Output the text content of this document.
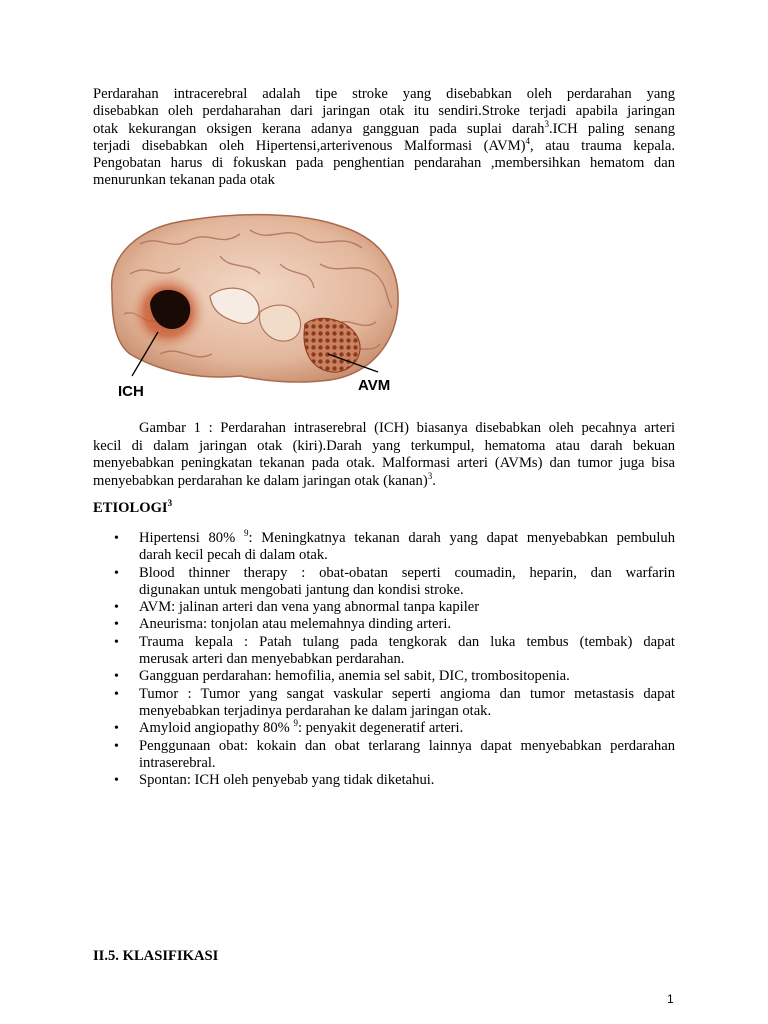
Perdarahan intracerebral adalah tipe stroke yang disebabkan oleh perdarahan yang
disebabkan oleh perdaharahan dari jaringan otak itu sendiri.Stroke terjadi apabila jaringan
otak kekurangan oksigen kerana adanya gangguan pada suplai darah$^3$.ICH paling senang
terjadi disebabkan oleh Hipertensi,arterivenous Malformasi (AVM)$^4$, atau trauma kepala.
Pengobatan harus di fokuskan pada penghentian pendarahan ,membersihkan hematom dan
menurunkan tekanan pada otak
ICH	AVM
Gambar 1 : Perdarahan intraserebral (ICH) biasanya disebabkan oleh pecahnya arteri
kecil di dalam jaringan otak (kiri).Darah yang terkumpul, hematoma atau darah bekuan
menyebabkan peningkatan tekanan pada otak. Malformasi arteri (AVMs) dan tumor juga bisa
menyebabkan perdarahan ke dalam jaringan otak (kanan)$^3$.
ETIOLOGI$^3$
• Hipertensi 80% $^9$: Meningkatnya tekanan darah yang dapat menyebabkan pembuluh
darah kecil pecah di dalam otak.
• Blood thinner therapy : obat-obatan seperti coumadin, heparin, dan warfarin
digunakan untuk mengobati jantung dan kondisi stroke.
• AVM: jalinan arteri dan vena yang abnormal tanpa kapiler
• Aneurisma: tonjolan atau melemahnya dinding arteri.
• Trauma kepala : Patah tulang pada tengkorak dan luka tembus (tembak) dapat
merusak arteri dan menyebabkan perdarahan.
• Gangguan perdarahan: hemofilia, anemia sel sabit, DIC, trombositopenia.
• Tumor : Tumor yang sangat vaskular seperti angioma dan tumor metastasis dapat
menyebabkan terjadinya perdarahan ke dalam jaringan otak.
• Amyloid angiopathy 80% $^9$: penyakit degeneratif arteri.
• Penggunaan obat: kokain dan obat terlarang lainnya dapat menyebabkan perdarahan
intraserebral.
• Spontan: ICH oleh penyebab yang tidak diketahui.
II.5. KLASIFIKASI
1
